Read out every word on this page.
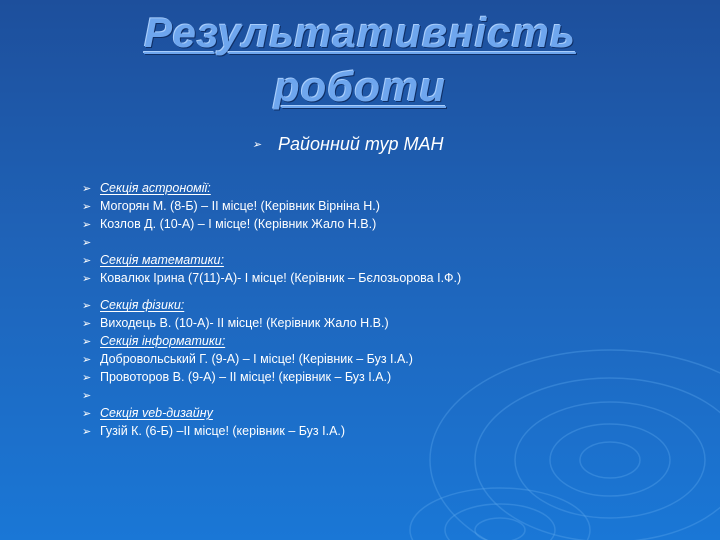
Результативність
роботи
➢ Районний тур МАН
➢ Секція астрономії:
➢ Могорян М. (8-Б) – ІІ місце! (Керівник Вірніна Н.)
➢ Козлов Д. (10-А) – І місце! (Керівник Жало Н.В.)
➢
➢ Секція математики:
➢ Ковалюк Ірина (7(11)-А)- І місце! (Керівник – Бєлозьорова І.Ф.)
➢ Секція фізики:
➢ Виходець В. (10-А)- ІІ місце! (Керівник Жало Н.В.)
➢ Секція інформатики:
➢ Добровольський Г. (9-А) – І місце! (Керівник – Буз І.А.)
➢ Провоторов В. (9-А) – ІІ місце! (керівник – Буз І.А.)
➢
➢ Секція veb-дизайну
➢ Гузій К. (6-Б) –ІІ місце! (керівник – Буз І.А.)
